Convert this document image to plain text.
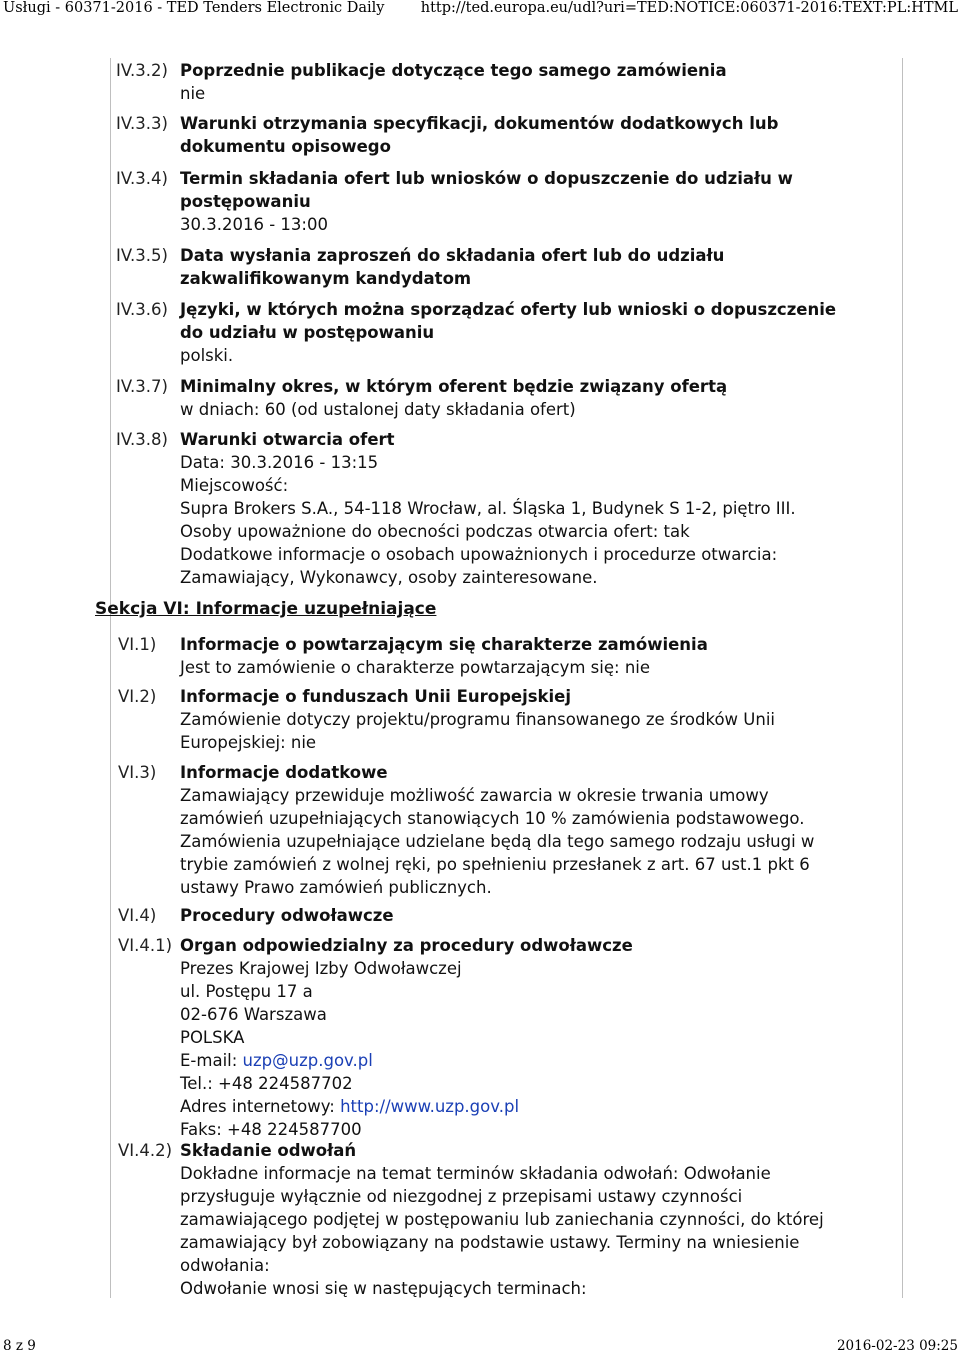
Usługi - 60371-2016 - TED Tenders Electronic Daily	http://ted.europa.eu/udl?uri=TED:NOTICE:060371-2016:TEXT:PL:HTML
IV.3.2) Poprzednie publikacje dotyczące tego samego zamówienia
nie
IV.3.3) Warunki otrzymania specyfikacji, dokumentów dodatkowych lub
dokumentu opisowego
IV.3.4) Termin składania ofert lub wniosków o dopuszczenie do udziału w
postępowaniu
30.3.2016 - 13:00
IV.3.5) Data wysłania zaproszeń do składania ofert lub do udziału
zakwalifikowanym kandydatom
IV.3.6) Języki, w których można sporządzać oferty lub wnioski o dopuszczenie
do udziału w postępowaniu
polski.
IV.3.7) Minimalny okres, w którym oferent będzie związany ofertą
w dniach: 60 (od ustalonej daty składania ofert)
IV.3.8) Warunki otwarcia ofert
Data: 30.3.2016 - 13:15
Miejscowość:
Supra Brokers S.A., 54-118 Wrocław, al. Śląska 1, Budynek S 1-2, piętro III.
Osoby upoważnione do obecności podczas otwarcia ofert: tak
Dodatkowe informacje o osobach upoważnionych i procedurze otwarcia:
Zamawiający, Wykonawcy, osoby zainteresowane.
Sekcja VI: Informacje uzupełniające
VI.1)	Informacje o powtarzającym się charakterze zamówienia
Jest to zamówienie o charakterze powtarzającym się: nie
VI.2)	Informacje o funduszach Unii Europejskiej
Zamówienie dotyczy projektu/programu finansowanego ze środków Unii
Europejskiej: nie
VI.3)	Informacje dodatkowe
Zamawiający przewiduje możliwość zawarcia w okresie trwania umowy
zamówień uzupełniających stanowiących 10 % zamówienia podstawowego.
Zamówienia uzupełniające udzielane będą dla tego samego rodzaju usługi w
trybie zamówień z wolnej ręki, po spełnieniu przesłanek z art. 67 ust.1 pkt 6
ustawy Prawo zamówień publicznych.
VI.4)	Procedury odwoławcze
VI.4.1) Organ odpowiedzialny za procedury odwoławcze
Prezes Krajowej Izby Odwoławczej
ul. Postępu 17 a
02-676 Warszawa
POLSKA
E-mail: uzp@uzp.gov.pl
Tel.: +48 224587702
Adres internetowy: http://www.uzp.gov.pl
Faks: +48 224587700
VI.4.2) Składanie odwołań
Dokładne informacje na temat terminów składania odwołań: Odwołanie
przysługuje wyłącznie od niezgodnej z przepisami ustawy czynności
zamawiającego podjętej w postępowaniu lub zaniechania czynności, do której
zamawiający był zobowiązany na podstawie ustawy. Terminy na wniesienie
odwołania:
Odwołanie wnosi się w następujących terminach:
8 z 9	2016-02-23 09:25
